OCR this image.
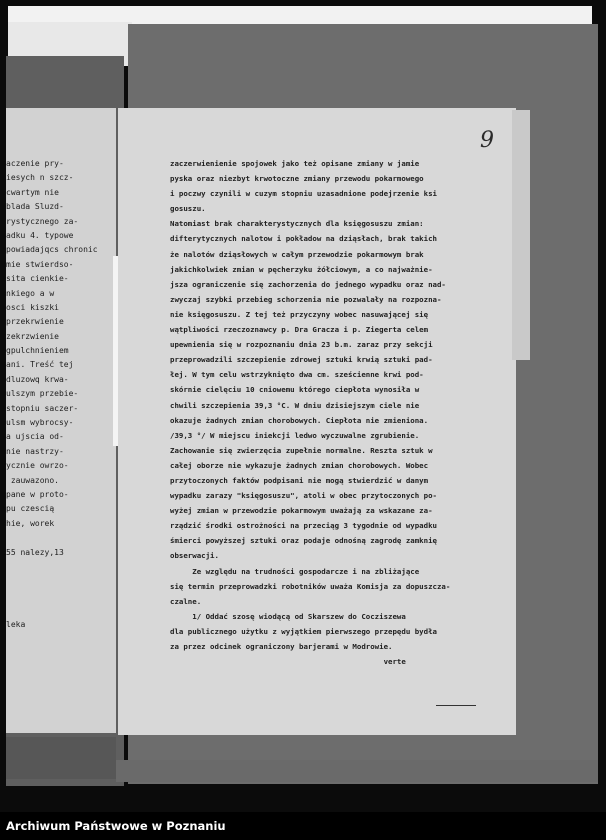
aczenie pry-
iesych n szcz-
cwartym nie
blada Sluzd-
rystycznego za-
adku 4. typowe
powiadajqcs chronic
mie stwierdso-
sita cienkie-
nkiego a w
osci kiszki
przekrwienie
zekrzwienie
gpulchnieniem
ani. Treść tej
dluzowq krwa-
ulszym przebie-
stopniu saczer-
ulsm wybrocsy-
a ujscia od-
nie nastrzy-
ycznie owrzo-
zauwazono.
pane w proto-
pu czescią
hie, worek
55 nalezy,13
leka
9
zaczerwienienie spojowek jako też opisane zmiany w jamie
pyska oraz niezbyt krwotoczne zmiany przewodu pokarmowego
i poczwy czynili w cuzym stopniu uzasadnione podejrzenie ksi
gosuszu.
Natomiast brak charakterystycznych dla księgosuszu zmian:
difterytycznych nalotow i pokładow na dziąsłach, brak takich
że nalotów dziąsłowych w całym przewodzie pokarmowym brak
jakichkolwiek zmian w pęcherzyku żółciowym, a co najważnie-
jsza ograniczenie się zachorzenia do jednego wypadku oraz nad-
zwyczaj szybki przebieg schorzenia nie pozwalały na rozpozna-
nie księgosuszu. Z tej też przyczyny wobec nasuwającej się
wątpliwości rzeczoznawcy p. Dra Gracza i p. Ziegerta celem
upewnienia się w rozpoznaniu dnia 23 b.m. zaraz przy sekcji
przeprowadzili szczepienie zdrowej sztuki krwią sztuki pad-
łej. W tym celu wstrzyknięto dwa cm. sześcienne krwi pod-
skórnie cielęciu 10 cniowemu którego ciepłota wynosiła w
chwili szczepienia 39,3 °C. W dniu dzisiejszym ciele nie
okazuje żadnych zmian chorobowych. Ciepłota nie zmieniona.
/39,3 °/ W miejscu iniekcji ledwo wyczuwalne zgrubienie.
Zachowanie się zwierzęcia zupełnie normalne. Reszta sztuk w
całej oborze nie wykazuje żadnych zmian chorobowych. Wobec
przytoczonych faktów podpisani nie mogą stwierdzić w danym
wypadku zarazy "księgosuszu", atoli w obec przytoczonych po-
wyżej zmian w przewodzie pokarmowym uważają za wskazane za-
rządzić środki ostrożności na przeciąg 3 tygodnie od wypadku
śmierci powyższej sztuki oraz podaje odnośną zagrodę zamknię
obserwacji.
Ze względu na trudności gospodarcze i na zbliżające
się termin przeprowadzki robotników uważa Komisja za dopuszcza-
czalne.
1/ Oddać szosę wiodącą od Skarszew do Cocziszewa
dla publicznego użytku z wyjątkiem pierwszego przepędu bydła
za przez odcinek ograniczony barjerami w Modrowie.
verte
Archiwum Państwowe w Poznaniu
